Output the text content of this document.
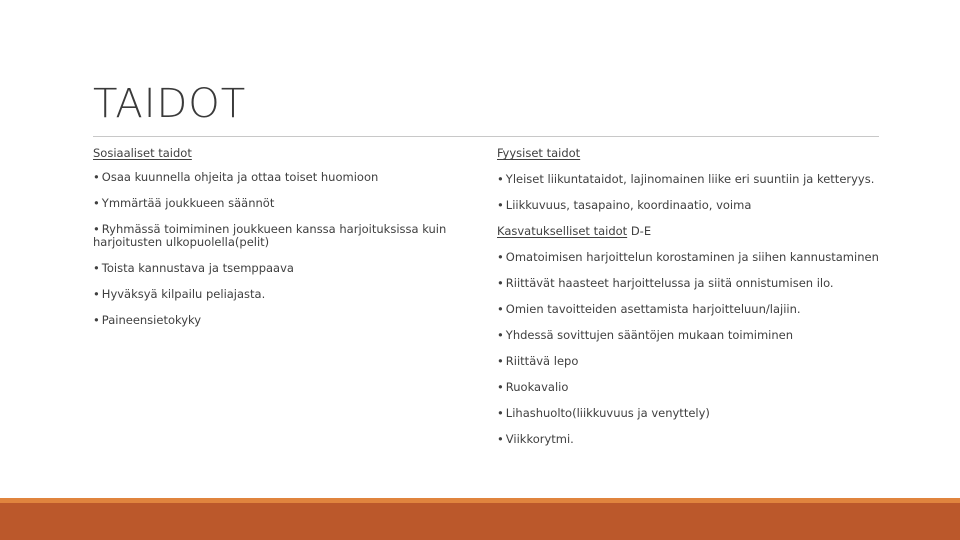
TAIDOT
Sosiaaliset taidot
• Osaa kuunnella ohjeita ja ottaa toiset huomioon
• Ymmärtää joukkueen säännöt
• Ryhmässä toimiminen joukkueen kanssa harjoituksissa kuin harjoitusten ulkopuolella(pelit)
• Toista kannustava ja tsemppaava
• Hyväksyä kilpailu peliajasta.
• Paineensietokyky
Fyysiset taidot
• Yleiset liikuntataidot, lajinomainen liike eri suuntiin ja ketteryys.
• Liikkuvuus, tasapaino, koordinaatio, voima
Kasvatukselliset taidot D-E
• Omatoimisen harjoittelun korostaminen ja siihen kannustaminen
• Riittävät haasteet harjoittelussa ja siitä onnistumisen ilo.
• Omien tavoitteiden asettamista harjoitteluun/lajiin.
• Yhdessä sovittujen sääntöjen mukaan toimiminen
• Riittävä lepo
• Ruokavalio
• Lihashuolto(liikkuvuus ja venyttely)
• Viikkorytmi.
